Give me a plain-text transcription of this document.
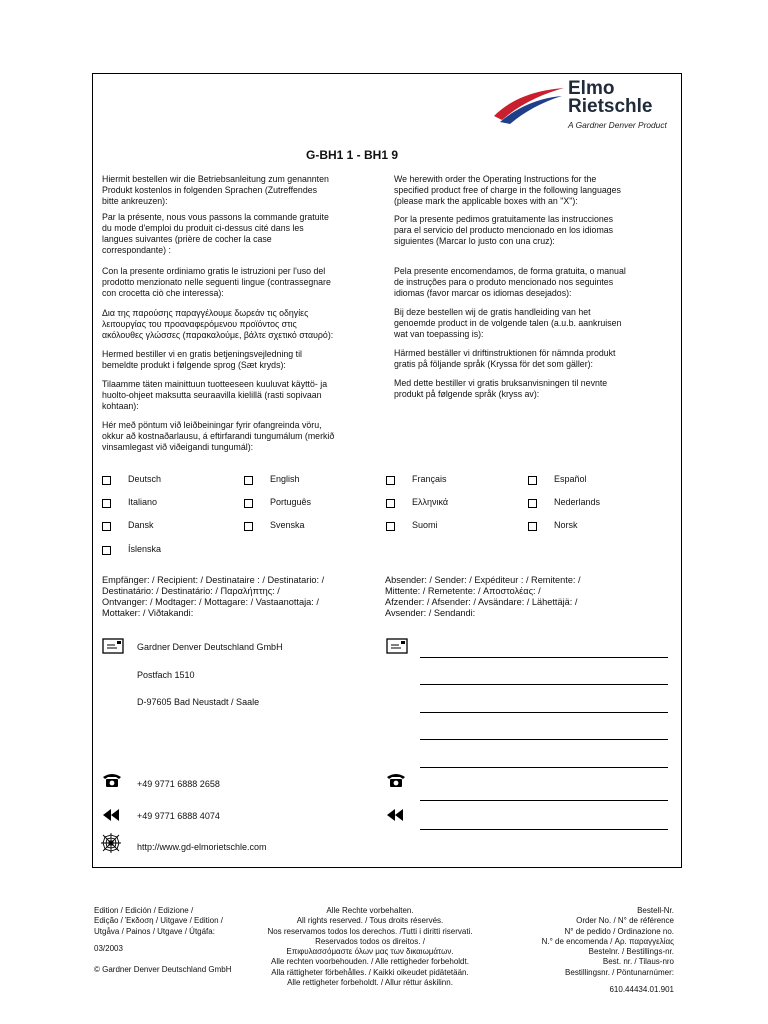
Elmo
Rietschle
A Gardner Denver Product
G-BH1 1 - BH1 9
Hiermit bestellen wir die Betriebsanleitung zum genannten
Produkt kostenlos in folgenden Sprachen (Zutreffendes
bitte ankreuzen):
Par la présente, nous vous passons la commande gratuite
du mode d'emploi du produit ci-dessus cité dans les
langues suivantes (prière de cocher la case
correspondante) :
Con la presente ordiniamo gratis le istruzioni per l'uso del
prodotto menzionato nelle seguenti lingue (contrassegnare
con crocetta ciò che interessa):
Δια της παρούσης παραγγέλουμε δωρεάν τις οδηγίες
λειτουργίας του προαναφερόμενου προϊόντος στις
ακόλουθες γλώσσες (παρακαλούμε, βάλτε σχετικό σταυρό):
Hermed bestiller vi en gratis betjeningsvejledning til
bemeldte produkt i følgende sprog (Sæt kryds):
Tilaamme täten mainittuun tuotteeseen kuuluvat käyttö- ja
huolto-ohjeet maksutta seuraavilla kielillä (rasti sopivaan
kohtaan):
Hér með pöntum við leiðbeiningar fyrir ofangreinda vöru,
okkur að kostnaðarlausu, á eftirfarandi tungumálum (merkið
vinsamlegast við viðeigandi tungumál):
We herewith order the Operating Instructions for the
specified product free of charge in the following languages
(please mark the applicable boxes with an "X"):
Por la presente pedimos gratuitamente las instrucciones
para el servicio del producto mencionado en los idiomas
siguientes (Marcar lo justo con una cruz):
Pela presente encomendamos, de forma gratuita, o manual
de instruções para o produto mencionado nos seguintes
idiomas (favor marcar os idiomas desejados):
Bij deze bestellen wij de gratis handleiding van het
genoemde product in de volgende talen (a.u.b. aankruisen
wat van toepassing is):
Härmed beställer vi driftinstruktionen för nämnda produkt
gratis på följande språk (Kryssa för det som gäller):
Med dette bestiller vi gratis bruksanvisningen til nevnte
produkt på følgende språk (kryss av):
Deutsch	English	Français	Español
Italiano	Português	Ελληνικά	Nederlands
Dansk	Svenska	Suomi	Norsk
Íslenska
Empfänger: / Recipient: / Destinataire : / Destinatario: /
Destinatário: / Destinatário: / Παραλήπτης: /
Ontvanger: / Modtager: / Mottagare: / Vastaanottaja: /
Mottaker: / Viðtakandi:
Absender: / Sender: / Expéditeur : / Remitente: /
Mittente: / Remetente: / Αποστολέας: /
Afzender: / Afsender: / Avsändare: / Lähettäjä: /
Avsender: / Sendandi:
Gardner Denver Deutschland GmbH
Postfach 1510
D-97605 Bad Neustadt / Saale
+49 9771 6888 2658
+49 9771 6888 4074
http://www.gd-elmorietschle.com
Edition / Edición / Edizione /
Edição / Έκδοση / Uitgave / Edition /
Utgåva / Painos / Utgave / Útgáfa:
03/2003
© Gardner Denver Deutschland GmbH
Alle Rechte vorbehalten.
All rights reserved. / Tous droits réservés.
Nos reservamos todos los derechos. /Tutti i diritti riservati.
Reservados todos os direitos. /
Επιφυλασσόμαστε όλων μας των δικαιωμάτων.
Alle rechten voorbehouden. / Alle rettigheder forbeholdt.
Alla rättigheter förbehålles. / Kaikki oikeudet pidätetään.
Alle rettigheter forbeholdt. / Allur réttur áskilinn.
Bestell-Nr.
Order No. / N° de référence
N° de pedido / Ordinazione no.
N.° de encomenda / Αρ. παραγγελίας
Bestelnr. / Bestillings-nr.
Best. nr. / Tilaus-nro
Bestillingsnr. / Pöntunarnúmer:
610.44434.01.901
